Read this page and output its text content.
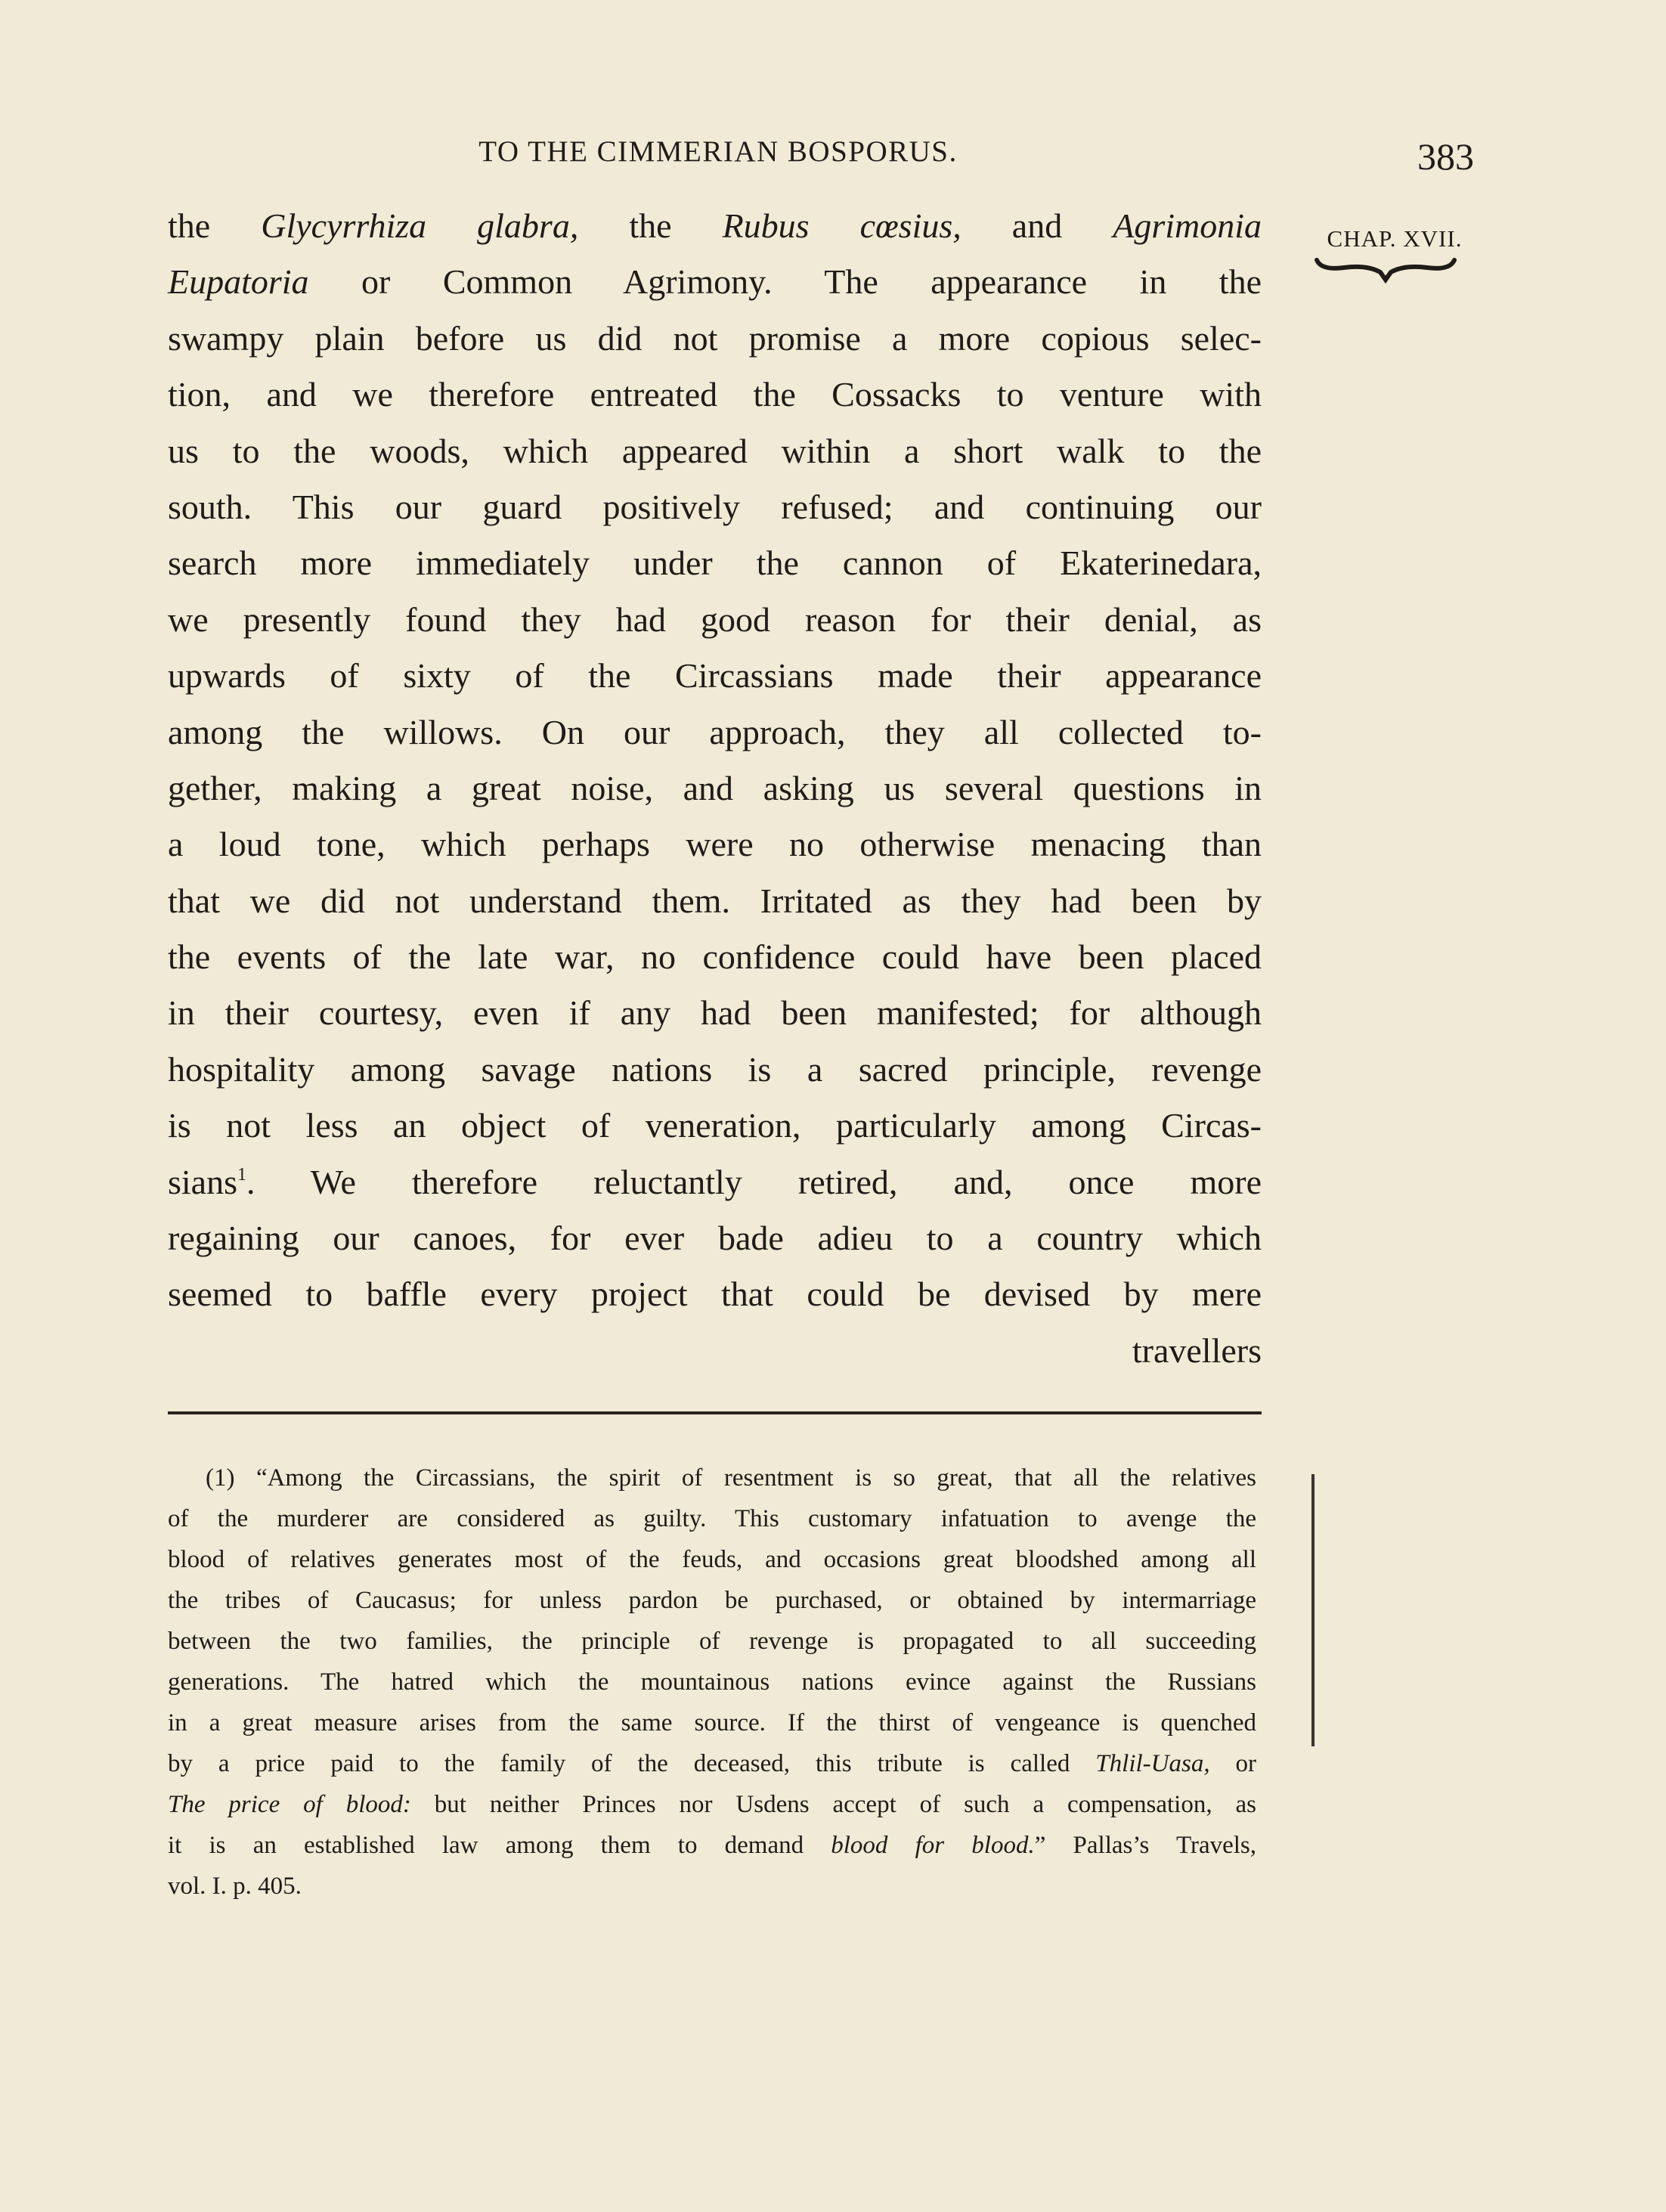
TO THE CIMMERIAN BOSPORUS.	383
CHAP. XVII.
the Glycyrrhiza glabra, the Rubus cœsius, and Agrimonia
Eupatoria or Common Agrimony. The appearance in the
swampy plain before us did not promise a more copious selec-
tion, and we therefore entreated the Cossacks to venture with
us to the woods, which appeared within a short walk to the
south. This our guard positively refused; and continuing our
search more immediately under the cannon of Ekaterinedara,
we presently found they had good reason for their denial, as
upwards of sixty of the Circassians made their appearance
among the willows. On our approach, they all collected to-
gether, making a great noise, and asking us several questions in
a loud tone, which perhaps were no otherwise menacing than
that we did not understand them. Irritated as they had been by
the events of the late war, no confidence could have been placed
in their courtesy, even if any had been manifested; for although
hospitality among savage nations is a sacred principle, revenge
is not less an object of veneration, particularly among Circas-
sians$^1$. We therefore reluctantly retired, and, once more
regaining our canoes, for ever bade adieu to a country which
seemed to baffle every project that could be devised by mere
travellers
(1) “Among the Circassians, the spirit of resentment is so great, that all the relatives
of the murderer are considered as guilty. This customary infatuation to avenge the
blood of relatives generates most of the feuds, and occasions great bloodshed among all
the tribes of Caucasus; for unless pardon be purchased, or obtained by intermarriage
between the two families, the principle of revenge is propagated to all succeeding
generations. The hatred which the mountainous nations evince against the Russians
in a great measure arises from the same source. If the thirst of vengeance is quenched
by a price paid to the family of the deceased, this tribute is called Thlil-Uasa, or
The price of blood: but neither Princes nor Usdens accept of such a compensation, as
it is an established law among them to demand blood for blood.” Pallas’s Travels,
vol. I. p. 405.
